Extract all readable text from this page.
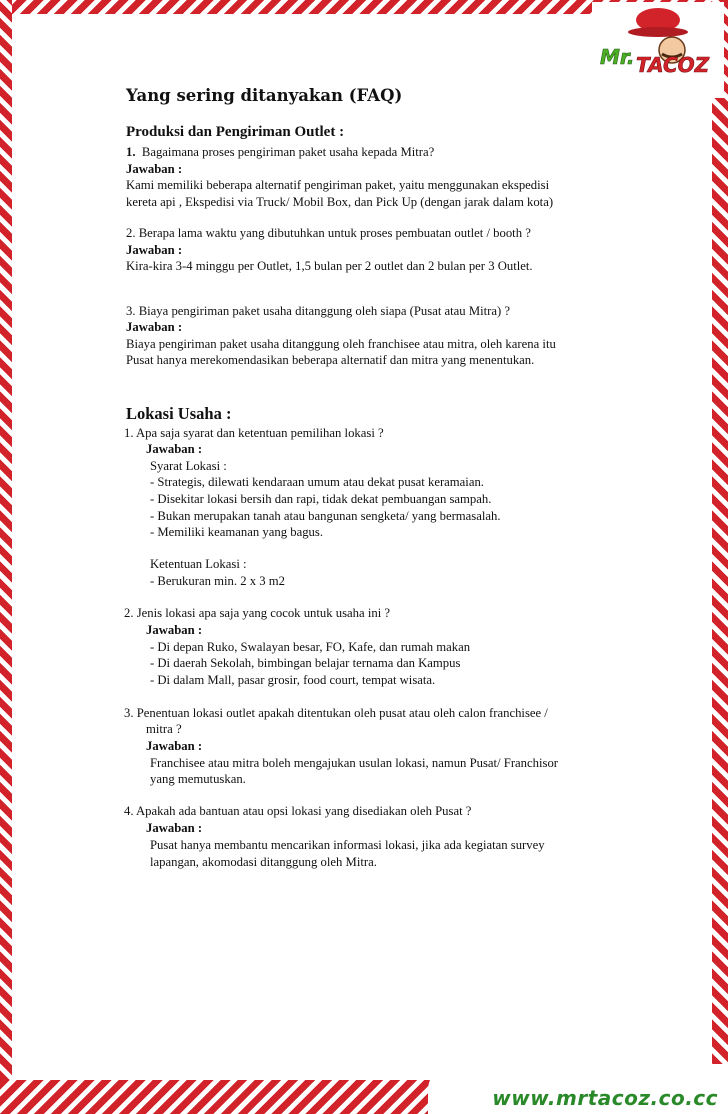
Mr. TACOZ
Yang sering ditanyakan (FAQ)
Produksi dan Pengiriman Outlet :
1. Bagaimana proses pengiriman paket usaha kepada Mitra?
Jawaban :
Kami memiliki beberapa alternatif pengiriman paket, yaitu menggunakan ekspedisi
kereta api , Ekspedisi via Truck/ Mobil Box, dan Pick Up (dengan jarak dalam kota)
2. Berapa lama waktu yang dibutuhkan untuk proses pembuatan outlet / booth ?
Jawaban :
Kira-kira 3-4 minggu per Outlet, 1,5 bulan per 2 outlet dan 2 bulan per 3 Outlet.
3. Biaya pengiriman paket usaha ditanggung oleh siapa (Pusat atau Mitra) ?
Jawaban :
Biaya pengiriman paket usaha ditanggung oleh franchisee atau mitra, oleh karena itu
Pusat hanya merekomendasikan beberapa alternatif dan mitra yang menentukan.
Lokasi Usaha :
1. Apa saja syarat dan ketentuan pemilihan lokasi ?
Jawaban :
Syarat Lokasi :
- Strategis, dilewati kendaraan umum atau dekat pusat keramaian.
- Disekitar lokasi bersih dan rapi, tidak dekat pembuangan sampah.
- Bukan merupakan tanah atau bangunan sengketa/ yang bermasalah.
- Memiliki keamanan yang bagus.
Ketentuan Lokasi :
- Berukuran min. 2 x 3 m2
2. Jenis lokasi apa saja yang cocok untuk usaha ini ?
Jawaban :
- Di depan Ruko, Swalayan besar, FO, Kafe, dan rumah makan
- Di daerah Sekolah, bimbingan belajar ternama dan Kampus
- Di dalam Mall, pasar grosir, food court, tempat wisata.
3. Penentuan lokasi outlet apakah ditentukan oleh pusat atau oleh calon franchisee /
mitra ?
Jawaban :
Franchisee atau mitra boleh mengajukan usulan lokasi, namun Pusat/ Franchisor
yang memutuskan.
4. Apakah ada bantuan atau opsi lokasi yang disediakan oleh Pusat ?
Jawaban :
Pusat hanya membantu mencarikan informasi lokasi, jika ada kegiatan survey
lapangan, akomodasi ditanggung oleh Mitra.
www.mrtacoz.co.cc
